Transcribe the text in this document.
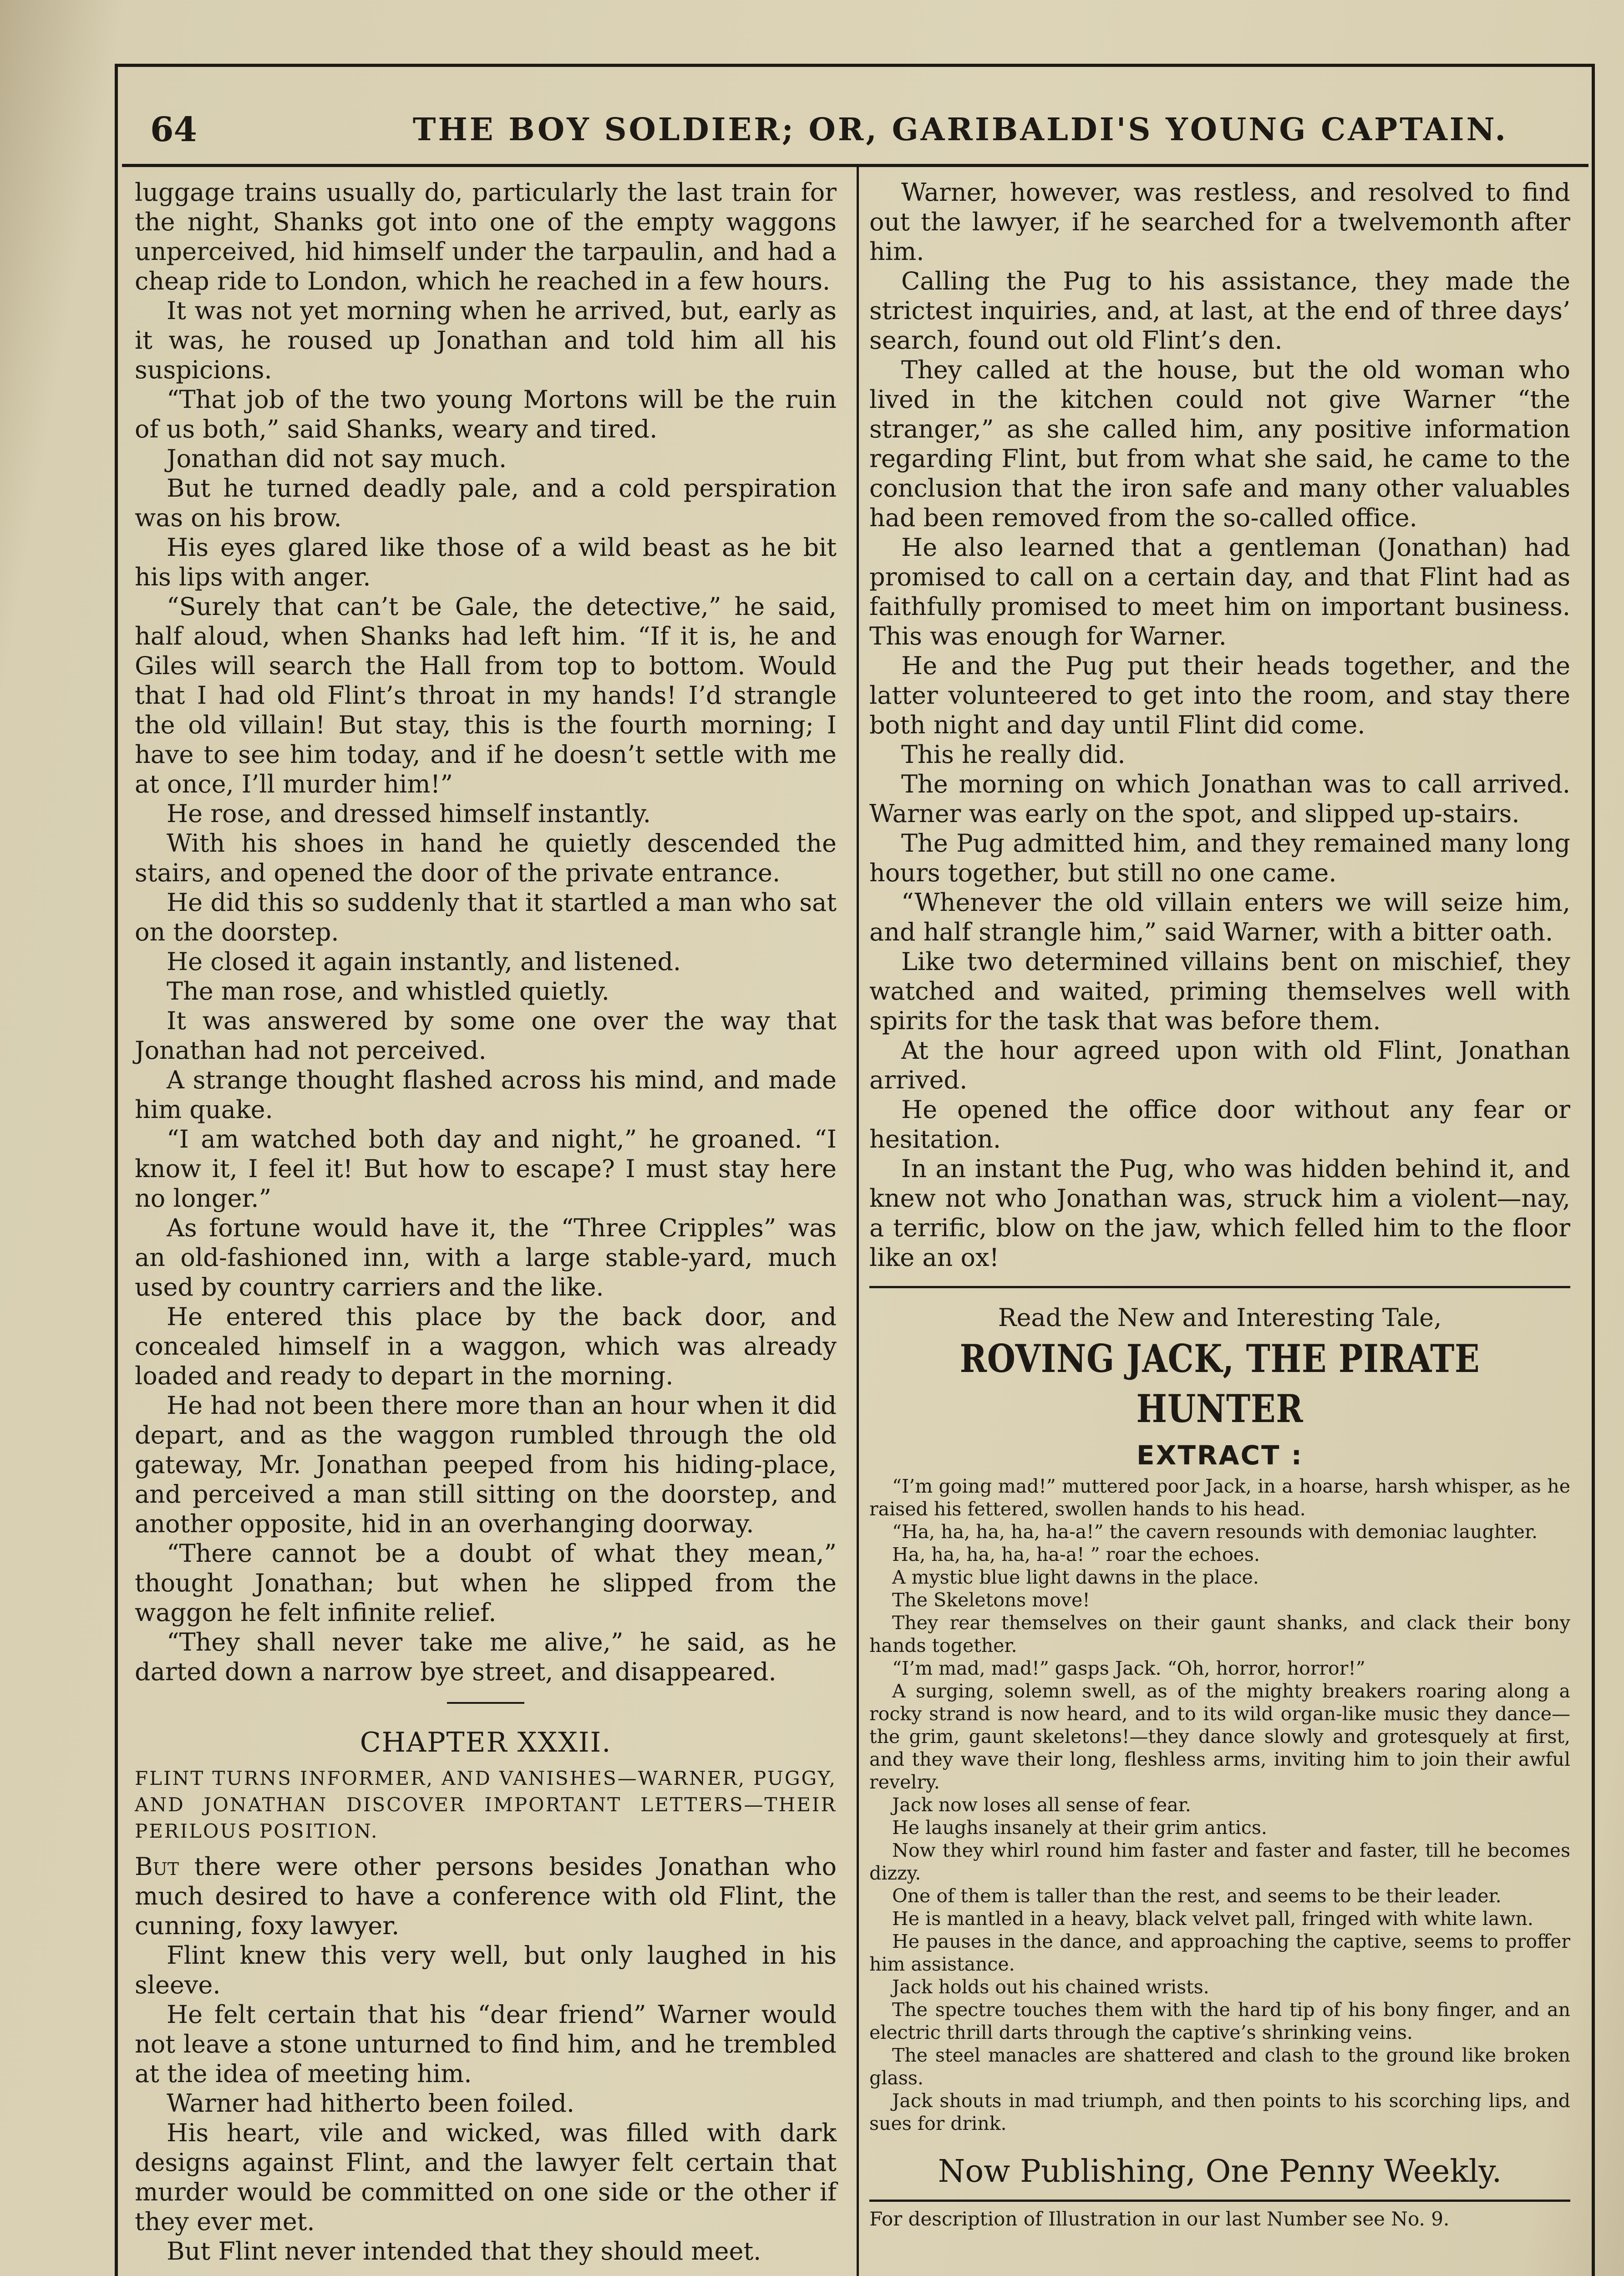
64	THE BOY SOLDIER; OR, GARIBALDI'S YOUNG CAPTAIN.

luggage trains usually do, particularly the last train for the night, Shanks got into one of the empty waggons unperceived, hid himself under the tarpaulin, and had a cheap ride to London, which he reached in a few hours.

It was not yet morning when he arrived, but, early as it was, he roused up Jonathan and told him all his suspicions.

“That job of the two young Mortons will be the ruin of us both,” said Shanks, weary and tired.

Jonathan did not say much.

But he turned deadly pale, and a cold perspiration was on his brow.

His eyes glared like those of a wild beast as he bit his lips with anger.

“Surely that can’t be Gale, the detective,” he said, half aloud, when Shanks had left him. “If it is, he and Giles will search the Hall from top to bottom. Would that I had old Flint’s throat in my hands! I’d strangle the old villain! But stay, this is the fourth morning; I have to see him today, and if he doesn’t settle with me at once, I’ll murder him!”

He rose, and dressed himself instantly.

With his shoes in hand he quietly descended the stairs, and opened the door of the private entrance.

He did this so suddenly that it startled a man who sat on the doorstep.

He closed it again instantly, and listened.

The man rose, and whistled quietly.

It was answered by some one over the way that Jonathan had not perceived.

A strange thought flashed across his mind, and made him quake.

“I am watched both day and night,” he groaned. “I know it, I feel it! But how to escape? I must stay here no longer.”

As fortune would have it, the “Three Cripples” was an old-fashioned inn, with a large stable-yard, much used by country carriers and the like.

He entered this place by the back door, and concealed himself in a waggon, which was already loaded and ready to depart in the morning.

He had not been there more than an hour when it did depart, and as the waggon rumbled through the old gateway, Mr. Jonathan peeped from his hiding-place, and perceived a man still sitting on the doorstep, and another opposite, hid in an overhanging doorway.

“There cannot be a doubt of what they mean,” thought Jonathan; but when he slipped from the waggon he felt infinite relief.

“They shall never take me alive,” he said, as he darted down a narrow bye street, and disappeared.

CHAPTER XXXII.

FLINT TURNS INFORMER, AND VANISHES—WARNER, PUGGY, AND JONATHAN DISCOVER IMPORTANT LETTERS—THEIR PERILOUS POSITION.

But there were other persons besides Jonathan who much desired to have a conference with old Flint, the cunning, foxy lawyer.

Flint knew this very well, but only laughed in his sleeve.

He felt certain that his “dear friend” Warner would not leave a stone unturned to find him, and he trembled at the idea of meeting him.

Warner had hitherto been foiled.

His heart, vile and wicked, was filled with dark designs against Flint, and the lawyer felt certain that murder would be committed on one side or the other if they ever met.

But Flint never intended that they should meet.

Warner, however, was restless, and resolved to find out the lawyer, if he searched for a twelvemonth after him.

Calling the Pug to his assistance, they made the strictest inquiries, and, at last, at the end of three days’ search, found out old Flint’s den.

They called at the house, but the old woman who lived in the kitchen could not give Warner “the stranger,” as she called him, any positive information regarding Flint, but from what she said, he came to the conclusion that the iron safe and many other valuables had been removed from the so-called office.

He also learned that a gentleman (Jonathan) had promised to call on a certain day, and that Flint had as faithfully promised to meet him on important business. This was enough for Warner.

He and the Pug put their heads together, and the latter volunteered to get into the room, and stay there both night and day until Flint did come.

This he really did.

The morning on which Jonathan was to call arrived. Warner was early on the spot, and slipped up-stairs.

The Pug admitted him, and they remained many long hours together, but still no one came.

“Whenever the old villain enters we will seize him, and half strangle him,” said Warner, with a bitter oath.

Like two determined villains bent on mischief, they watched and waited, priming themselves well with spirits for the task that was before them.

At the hour agreed upon with old Flint, Jonathan arrived.

He opened the office door without any fear or hesitation.

In an instant the Pug, who was hidden behind it, and knew not who Jonathan was, struck him a violent—nay, a terrific, blow on the jaw, which felled him to the floor like an ox!

Read the New and Interesting Tale,
ROVING JACK, THE PIRATE HUNTER
EXTRACT :

“I’m going mad!” muttered poor Jack, in a hoarse, harsh whisper, as he raised his fettered, swollen hands to his head.

“Ha, ha, ha, ha, ha-a!” the cavern resounds with demoniac laughter.

Ha, ha, ha, ha, ha-a! ” roar the echoes.

A mystic blue light dawns in the place.

The Skeletons move!

They rear themselves on their gaunt shanks, and clack their bony hands together.

“I’m mad, mad!” gasps Jack. “Oh, horror, horror!”

A surging, solemn swell, as of the mighty breakers roaring along a rocky strand is now heard, and to its wild organ-like music they dance—the grim, gaunt skeletons!—they dance slowly and grotesquely at first, and they wave their long, fleshless arms, inviting him to join their awful revelry.

Jack now loses all sense of fear.

He laughs insanely at their grim antics.

Now they whirl round him faster and faster and faster, till he becomes dizzy.

One of them is taller than the rest, and seems to be their leader.

He is mantled in a heavy, black velvet pall, fringed with white lawn.

He pauses in the dance, and approaching the captive, seems to proffer him assistance.

Jack holds out his chained wrists.

The spectre touches them with the hard tip of his bony finger, and an electric thrill darts through the captive’s shrinking veins.

The steel manacles are shattered and clash to the ground like broken glass.

Jack shouts in mad triumph, and then points to his scorching lips, and sues for drink.

Now Publishing, One Penny Weekly.
For description of Illustration in our last Number see No. 9.
